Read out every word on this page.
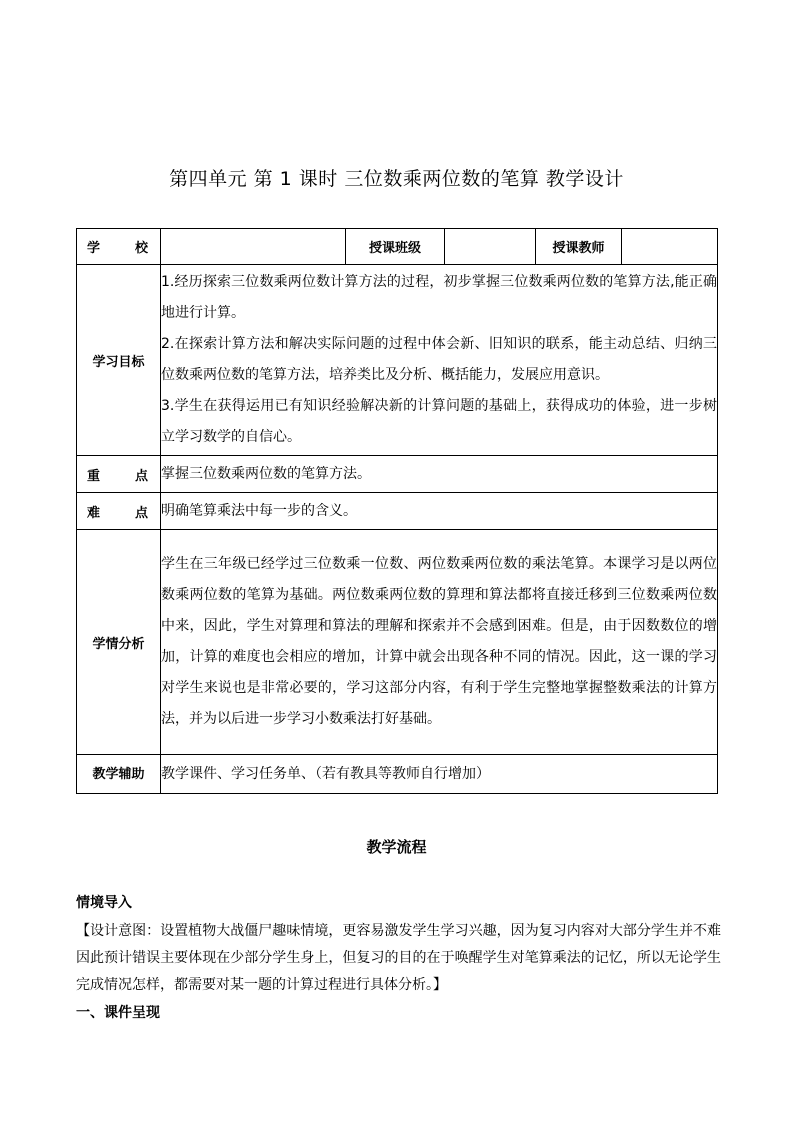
第四单元 第 1 课时 三位数乘两位数的笔算 教学设计
学 校		授课班级		授课教师	
学习目标	1.经历探索三位数乘两位数计算方法的过程，初步掌握三位数乘两位数的笔算方法,能正确地进行计算。

2.在探索计算方法和解决实际问题的过程中体会新、旧知识的联系，能主动总结、归纳三位数乘两位数的笔算方法，培养类比及分析、概括能力，发展应用意识。

3.学生在获得运用已有知识经验解决新的计算问题的基础上，获得成功的体验，进一步树立学习数学的自信心。				

重 点	掌握三位数乘两位数的笔算方法。				

难 点	明确笔算乘法中每一步的含义。				
学情分析	学生在三年级已经学过三位数乘一位数、两位数乘两位数的乘法笔算。本课学习是以两位数乘两位数的笔算为基础。两位数乘两位数的算理和算法都将直接迁移到三位数乘两位数中来，因此，学生对算理和算法的理解和探索并不会感到困难。但是，由于因数数位的增加，计算的难度也会相应的增加，计算中就会出现各种不同的情况。因此，这一课的学习对学生来说也是非常必要的，学习这部分内容，有利于学生完整地掌握整数乘法的计算方法，并为以后进一步学习小数乘法打好基础。				
教学辅助	教学课件、学习任务单、（若有教具等教师自行增加）				
教学流程
情境导入
【设计意图：设置植物大战僵尸趣味情境，更容易激发学生学习兴趣，因为复习内容对大部分学生并不难因此预计错误主要体现在少部分学生身上，但复习的目的在于唤醒学生对笔算乘法的记忆，所以无论学生完成情况怎样，都需要对某一题的计算过程进行具体分析。】
一、课件呈现
